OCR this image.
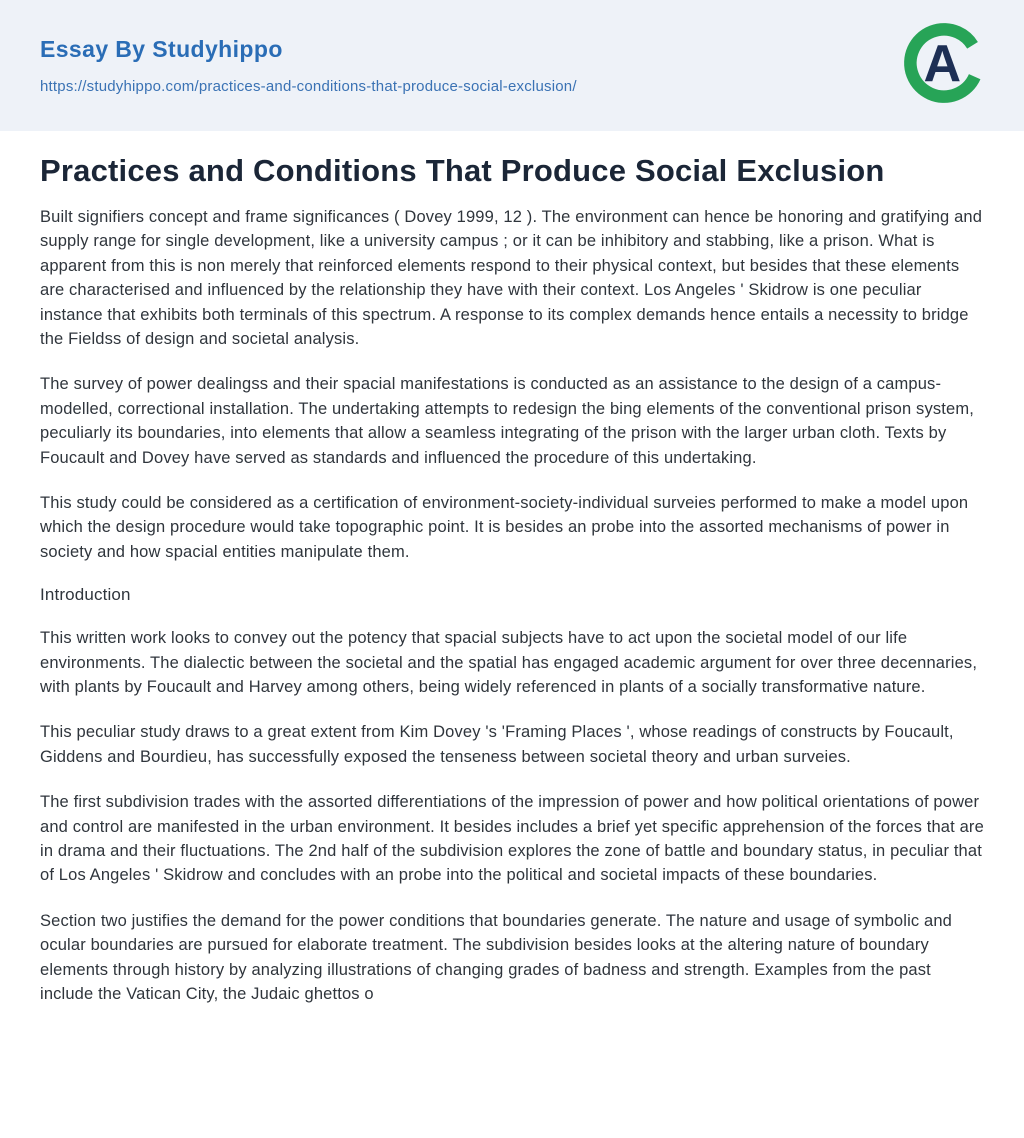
Essay By Studyhippo
https://studyhippo.com/practices-and-conditions-that-produce-social-exclusion/	A
Practices and Conditions That Produce Social Exclusion

Built signifiers concept and frame significances ( Dovey 1999, 12 ). The environment can hence be honoring and gratifying and supply range for single development, like a university campus ; or it can be inhibitory and stabbing, like a prison. What is apparent from this is non merely that reinforced elements respond to their physical context, but besides that these elements are characterised and influenced by the relationship they have with their context. Los Angeles ' Skidrow is one peculiar instance that exhibits both terminals of this spectrum. A response to its complex demands hence entails a necessity to bridge the Fieldss of design and societal analysis.

The survey of power dealingss and their spacial manifestations is conducted as an assistance to the design of a campus-modelled, correctional installation. The undertaking attempts to redesign the bing elements of the conventional prison system, peculiarly its boundaries, into elements that allow a seamless integrating of the prison with the larger urban cloth. Texts by Foucault and Dovey have served as standards and influenced the procedure of this undertaking.

This study could be considered as a certification of environment-society-individual surveies performed to make a model upon which the design procedure would take topographic point. It is besides an probe into the assorted mechanisms of power in society and how spacial entities manipulate them.

Introduction

This written work looks to convey out the potency that spacial subjects have to act upon the societal model of our life environments. The dialectic between the societal and the spatial has engaged academic argument for over three decennaries, with plants by Foucault and Harvey among others, being widely referenced in plants of a socially transformative nature.

This peculiar study draws to a great extent from Kim Dovey 's 'Framing Places ', whose readings of constructs by Foucault, Giddens and Bourdieu, has successfully exposed the tenseness between societal theory and urban surveies.

The first subdivision trades with the assorted differentiations of the impression of power and how political orientations of power and control are manifested in the urban environment. It besides includes a brief yet specific apprehension of the forces that are in drama and their fluctuations. The 2nd half of the subdivision explores the zone of battle and boundary status, in peculiar that of Los Angeles ' Skidrow and concludes with an probe into the political and societal impacts of these boundaries.

Section two justifies the demand for the power conditions that boundaries generate. The nature and usage of symbolic and ocular boundaries are pursued for elaborate treatment. The subdivision besides looks at the altering nature of boundary elements through history by analyzing illustrations of changing grades of badness and strength. Examples from the past include the Vatican City, the Judaic ghettos o
